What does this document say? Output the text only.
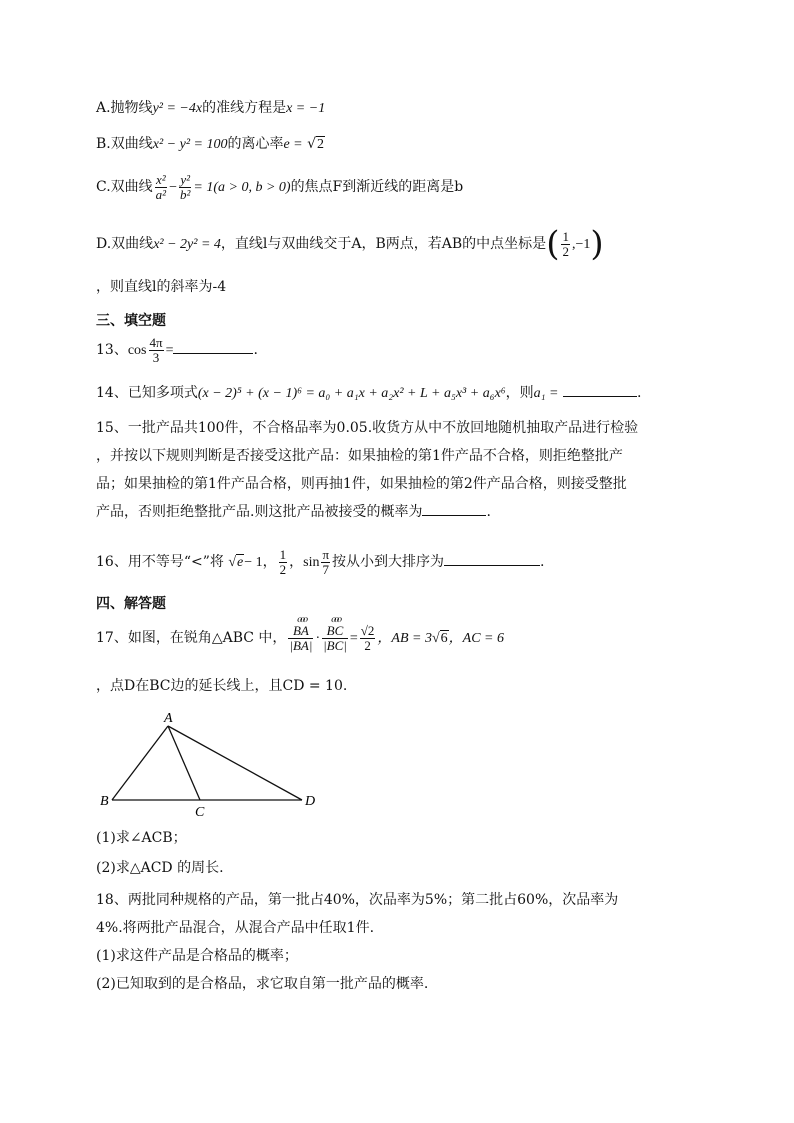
A.抛物线y² = −4x的准线方程是x = −1
B.双曲线x² − y² = 100的离心率e = √2
C.双曲线 $\frac{\text{x²}}{\text{a²}} - \frac{\text{y²}}{\text{b²}} = 1(a > 0$, b > 0)的焦点F到渐近线的距离是b
D.双曲线x² − 2y² = 4，直线l与双曲线交于A，B两点，若AB的中点坐标是( $\frac{1}{2} ,-1$)
，则直线l的斜率为-4
三、填空题
13、$\cos \frac{4\pi}{3}$ =	.
14、已知多项式(x − 2)⁵ + (x − 1)⁶ = a₀ + a₁x + a₂x² + L + a₅x³ + a₆x⁶，则a₁ =	.
15、一批产品共100件，不合格品率为0.05.收货方从中不放回地随机抽取产品进行检验
，并按以下规则判断是否接受这批产品：如果抽检的第1件产品不合格，则拒绝整批产
品；如果抽检的第1件产品合格，则再抽1件，如果抽检的第2件产品合格，则接受整批
产品，否则拒绝整批产品.则这批产品被接受的概率为	.
16、用不等号“<”将 √e− 1， $\frac{1}{2}$ ，$\sin \frac{\pi}{7}$ 按从小到大排序为	.
四、解答题
17、如图，在锐角△ABC 中， ⲟⲟⲟ
BA
|BA| · ⲟⲟⲟ
BC
$|BC| = \frac{√2}{2}$ ，AB = 3√6，AC = 6
，点D在BC边的延长线上，且CD = 10.
A
B
C
D
(1)求∠ACB；
(2)求△ACD 的周长.
18、两批同种规格的产品，第一批占40%，次品率为5%；第二批占60%，次品率为
4%.将两批产品混合，从混合产品中任取1件.
(1)求这件产品是合格品的概率；
(2)已知取到的是合格品，求它取自第一批产品的概率.
